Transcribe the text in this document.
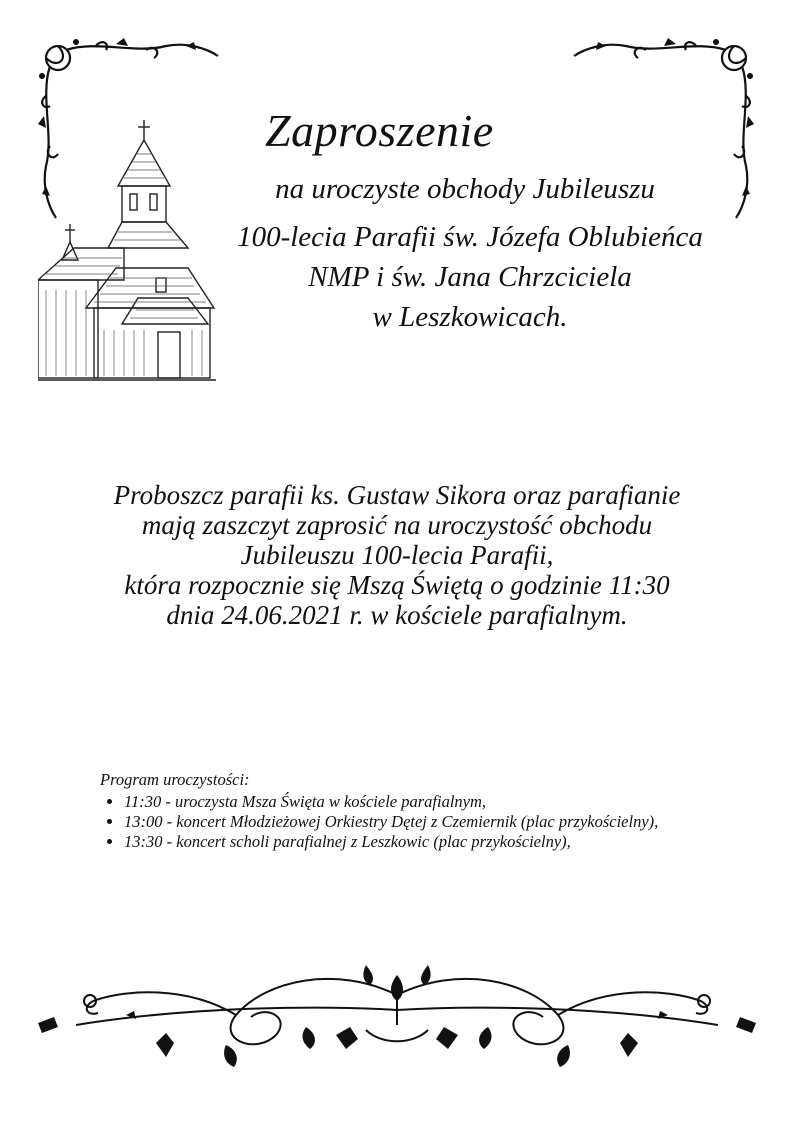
Zaproszenie
na uroczyste obchody Jubileuszu
100-lecia Parafii św. Józefa Oblubieńca
NMP i św. Jana Chrzciciela
w Leszkowicach.
Proboszcz parafii ks. Gustaw Sikora oraz parafianie
mają zaszczyt zaprosić na uroczystość obchodu
Jubileuszu 100-lecia Parafii,
która rozpocznie się Mszą Świętą o godzinie 11:30
dnia 24.06.2021 r. w kościele parafialnym.
Program uroczystości:
• 11:30 - uroczysta Msza Święta w kościele parafialnym,
• 13:00 - koncert Młodzieżowej Orkiestry Dętej z Czemiernik (plac przykościelny),
• 13:30 - koncert scholi parafialnej z Leszkowic (plac przykościelny),
